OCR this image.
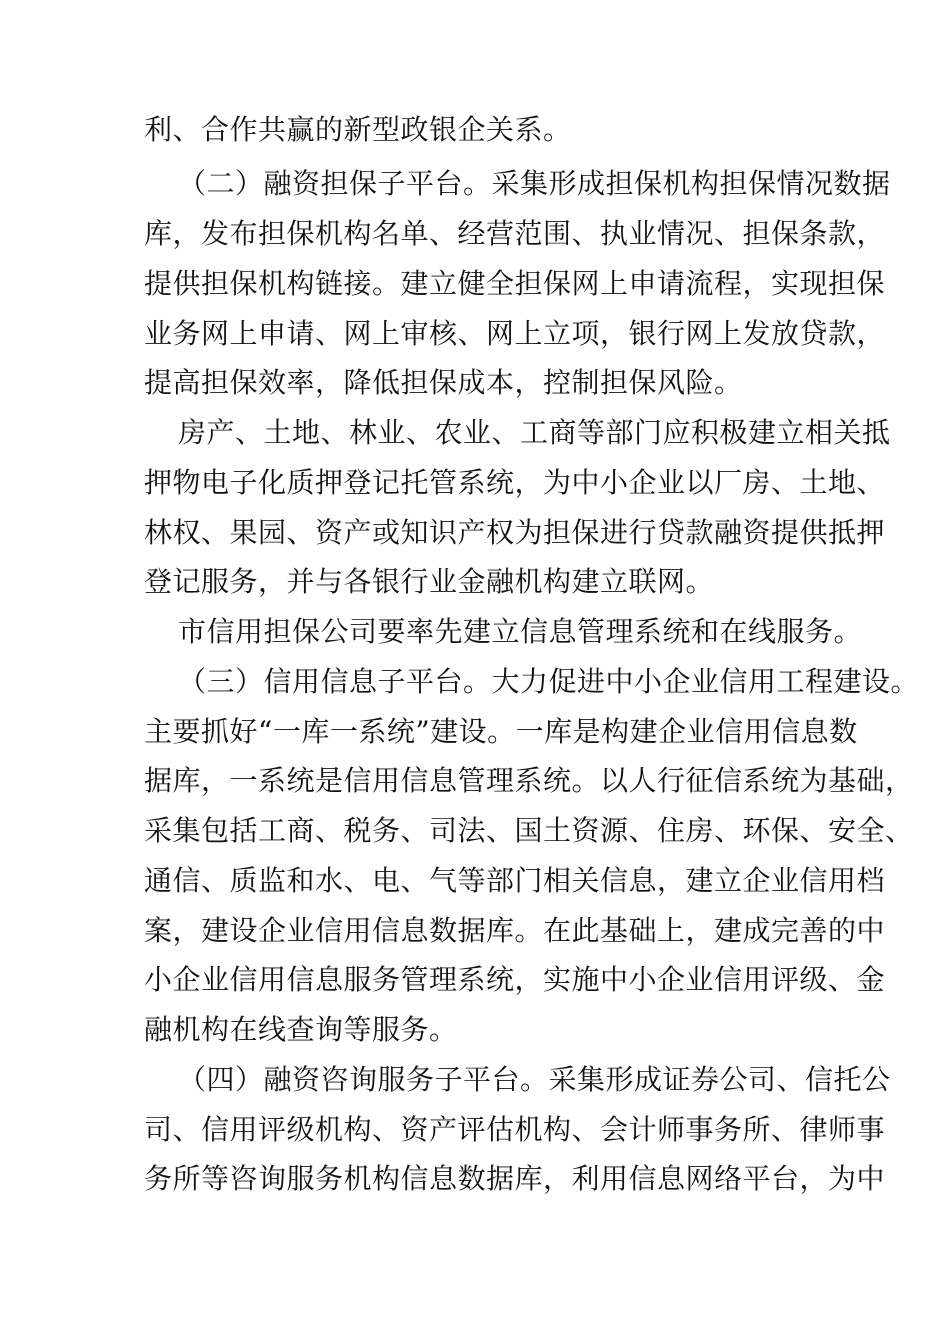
利、合作共赢的新型政银企关系。
（二）融资担保子平台。采集形成担保机构担保情况数据
库，发布担保机构名单、经营范围、执业情况、担保条款，
提供担保机构链接。建立健全担保网上申请流程，实现担保
业务网上申请、网上审核、网上立项，银行网上发放贷款，
提高担保效率，降低担保成本，控制担保风险。
房产、土地、林业、农业、工商等部门应积极建立相关抵
押物电子化质押登记托管系统，为中小企业以厂房、土地、
林权、果园、资产或知识产权为担保进行贷款融资提供抵押
登记服务，并与各银行业金融机构建立联网。
市信用担保公司要率先建立信息管理系统和在线服务。
（三）信用信息子平台。大力促进中小企业信用工程建设。
主要抓好“一库一系统”建设。一库是构建企业信用信息数
据库，一系统是信用信息管理系统。以人行征信系统为基础，
采集包括工商、税务、司法、国土资源、住房、环保、安全、
通信、质监和水、电、气等部门相关信息，建立企业信用档
案，建设企业信用信息数据库。在此基础上，建成完善的中
小企业信用信息服务管理系统，实施中小企业信用评级、金
融机构在线查询等服务。
（四）融资咨询服务子平台。采集形成证券公司、信托公
司、信用评级机构、资产评估机构、会计师事务所、律师事
务所等咨询服务机构信息数据库，利用信息网络平台，为中
